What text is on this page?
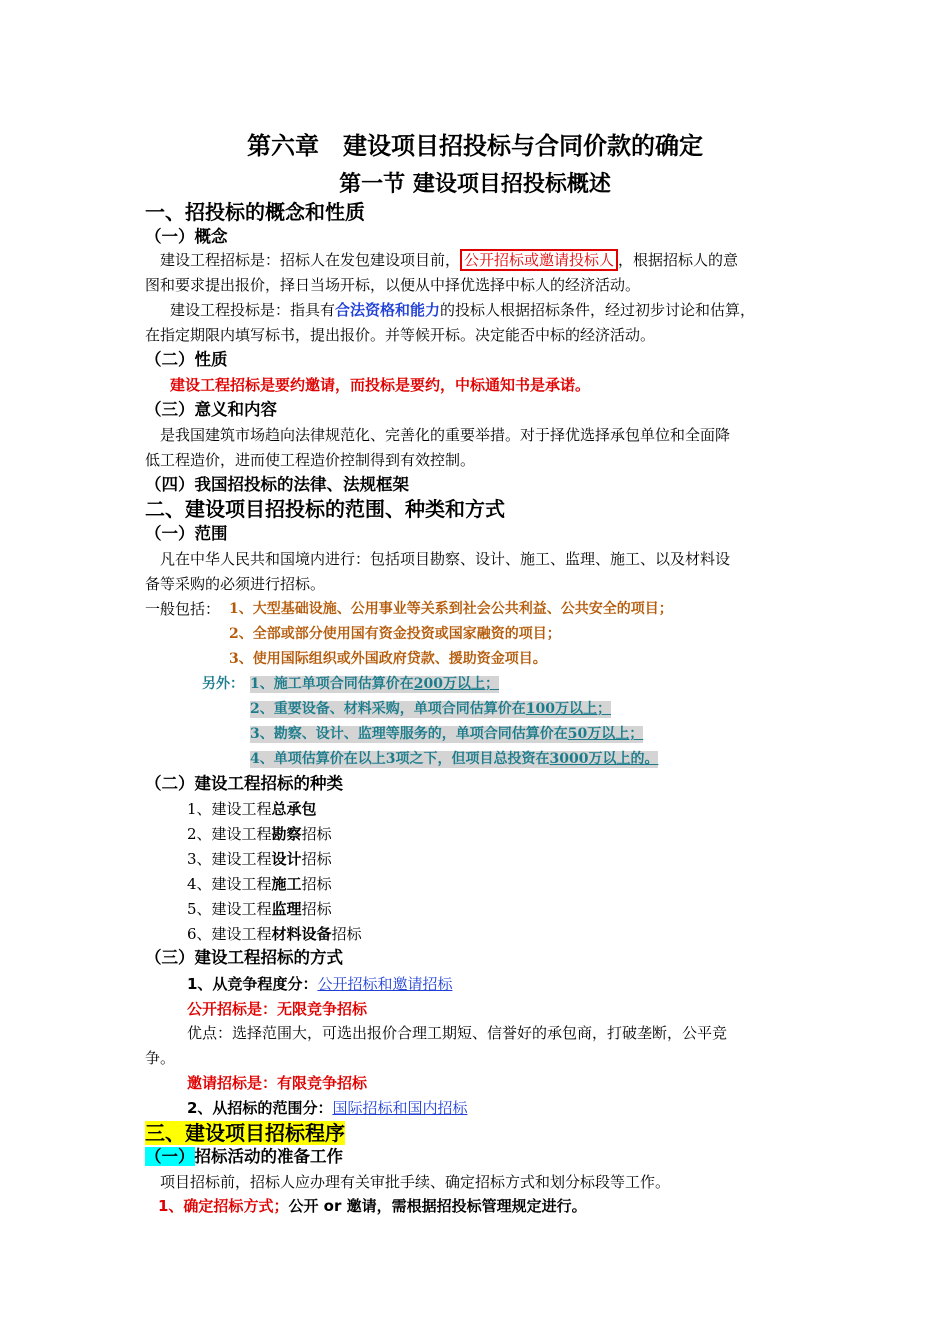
第六章　建设项目招投标与合同价款的确定
第一节 建设项目招投标概述
一、招投标的概念和性质
（一）概念
建设工程招标是：招标人在发包建设项目前， 公开招标或邀请投标人 ，根据招标人的意
图和要求提出报价，择日当场开标，以便从中择优选择中标人的经济活动。
建设工程投标是：指具有合法资格和能力的投标人根据招标条件，经过初步讨论和估算，
在指定期限内填写标书，提出报价。并等候开标。决定能否中标的经济活动。
（二）性质
建设工程招标是要约邀请，而投标是要约，中标通知书是承诺。
（三）意义和内容
是我国建筑市场趋向法律规范化、完善化的重要举措。对于择优选择承包单位和全面降
低工程造价，进而使工程造价控制得到有效控制。
（四）我国招投标的法律、法规框架
二、建设项目招投标的范围、种类和方式
（一）范围
凡在中华人民共和国境内进行：包括项目勘察、设计、施工、监理、施工、以及材料设
备等采购的必须进行招标。
一般包括： 1、大型基础设施、公用事业等关系到社会公共利益、公共安全的项目；
2、全部或部分使用国有资金投资或国家融资的项目；
3、使用国际组织或外国政府贷款、援助资金项目。
另外： 1、施工单项合同估算价在200万以上；
2、重要设备、材料采购，单项合同估算价在100万以上；
3、勘察、设计、监理等服务的，单项合同估算价在50万以上；
4、单项估算价在以上3项之下，但项目总投资在3000万以上的。
（二）建设工程招标的种类
1、建设工程总承包
2、建设工程勘察招标
3、建设工程设计招标
4、建设工程施工招标
5、建设工程监理招标
6、建设工程材料设备招标
（三）建设工程招标的方式
1、从竞争程度分：公开招标和邀请招标
公开招标是：无限竞争招标
优点：选择范围大，可选出报价合理工期短、信誉好的承包商，打破垄断，公平竞
争。
邀请招标是：有限竞争招标
2、从招标的范围分：国际招标和国内招标
三、建设项目招标程序
（一）招标活动的准备工作
项目招标前，招标人应办理有关审批手续、确定招标方式和划分标段等工作。
1、确定招标方式；公开 or 邀请，需根据招投标管理规定进行。
